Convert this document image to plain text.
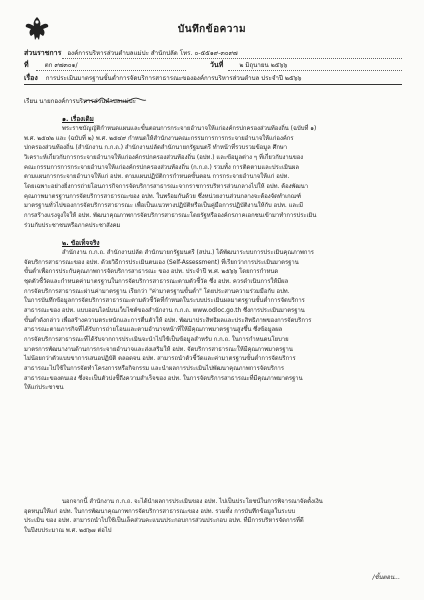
บันทึกข้อความ
ส่วนราชการ องค์การบริหารส่วนตำบลแม่ปะ สำนักปลัด โทร. ๐-๕๕๑๙-๓๐๙๗
ที่	ตก ๙๗๓๐๑/	วันที่	๒ มิถุนายน ๒๕๖๖
เรื่อง การประเมินมาตรฐานขั้นต่ำการจัดบริการสาธารณะขององค์การบริหารส่วนตำบล ประจำปี ๒๕๖๖
เรียน นายกองค์การบริหารส่วนตำบลแม่ปะ
๑. เรื่องเดิม
พระราชบัญญัติกำหนดแผนและขั้นตอนการกระจายอำนาจให้แก่องค์กรปกครองส่วนท้องถิ่น (ฉบับที่ ๑)
พ.ศ. ๒๕๔๒ และ (ฉบับที่ ๒) พ.ศ. ๒๕๔๙ กำหนดให้สำนักงานคณะกรรมการการกระจายอำนาจให้แก่องค์กร
ปกครองส่วนท้องถิ่น (สำนักงาน ก.ก.ถ.) สำนักงานปลัดสำนักนายกรัฐมนตรี ทำหน้าที่รวบรวมข้อมูล ศึกษา
วิเคราะห์เกี่ยวกับการกระจายอำนาจให้แก่องค์กรปกครองส่วนท้องถิ่น (อปท.) และข้อมูลต่าง ๆ ที่เกี่ยวกับงานของ
คณะกรรมการการกระจายอำนาจให้แก่องค์กรปกครองส่วนท้องถิ่น (ก.ก.ถ.) รวมทั้ง การติดตามและประเมินผล
ตามแผนการกระจายอำนาจให้แก่ อปท. ตามแผนปฏิบัติการกำหนดขั้นตอน การกระจายอำนาจให้แก่ อปท.
โดยเฉพาะอย่างยิ่งการถ่ายโอนภารกิจการจัดบริการสาธารณะจากราชการบริหารส่วนกลางไปให้ อปท. ต้องพัฒนา
คุณภาพมาตรฐานการจัดบริการสาธารณะของ อปท. ในพร้อมกันด้วย ซึ่งหน่วยงานส่วนกลางจะต้องจัดทำเกณฑ์
มาตรฐานทั่วไปของการจัดบริการสาธารณะ เพื่อเป็นแนวทางปฏิบัติหรือเป็นคู่มือการปฏิบัติงานให้กับ อปท. และมี
การสร้างแรงจูงใจให้ อปท. พัฒนาคุณภาพการจัดบริการสาธารณะโดยรัฐหรือองค์กรภาคเอกชนเข้ามาทำการประเมิน
ร่วมกับประชาชนหรือภาคประชาสังคม
๒. ข้อเท็จจริง
สำนักงาน ก.ก.ถ. สำนักงานปลัด สำนักนายกรัฐมนตรี (สปน.) ได้พัฒนาระบบการประเมินคุณภาพการ
จัดบริการสาธารณะของ อปท. ด้วยวิธีการประเมินตนเอง (Self-Assessment) ที่เรียกว่าการประเมินมาตรฐาน
ขั้นต่ำเพื่อการประกันคุณภาพการจัดบริการสาธารณะ ของ อปท. ประจำปี พ.ศ. ๒๕๖๖ โดยการกำหนด
ชุดตัวชี้วัดและกำหนดค่ามาตรฐานในการจัดบริการสาธารณะตามตัวชี้วัด ซึ่ง อปท. ควรดำเนินการให้มีผล
การจัดบริการสาธารณะผ่านค่ามาตรฐาน เรียกว่า "ค่ามาตรฐานขั้นต่ำ" โดยประสานความร่วมมือกับ อปท.
ในการบันทึกข้อมูลการจัดบริการสาธารณะตามตัวชี้วัดที่กำหนดในระบบประเมินผลมาตรฐานขั้นต่ำการจัดบริการ
สาธารณะของ อปท. แบบออนไลน์บนเว็บไซต์ของสำนักงาน ก.ก.ถ. www.odloc.go.th ซึ่งการประเมินมาตรฐาน
ขั้นต่ำดังกล่าว เพื่อสร้างความตระหนักและการตื่นตัวให้ อปท. พัฒนาประสิทธิผลและประสิทธิภาพของการจัดบริการ
สาธารณะตามภารกิจที่ได้รับการถ่ายโอนและตามอำนาจหน้าที่ให้มีคุณภาพมาตรฐานสูงขึ้น ซึ่งข้อมูลผล
การจัดบริการสาธารณะที่ได้รับจากการประเมินจะนำไปใช้เป็นข้อมูลสำหรับ ก.ก.ถ. ในการกำหนดนโยบาย
มาตรการพัฒนางานด้านการกระจายอำนาจและส่งเสริมให้ อปท. จัดบริการสาธารณะให้มีคุณภาพมาตรฐาน
ไม่น้อยกว่าตัวแบบขาการเสนอปฏิบัติ ตลอดจน อปท. สามารถนำตัวชี้วัดและค่ามาตรฐานขั้นต่ำการจัดบริการ
สาธารณะไปใช้ในการจัดทำโครงการหรือกิจกรรม และนำผลการประเมินไปพัฒนาคุณภาพการจัดบริการ
สาธารณะของตนเอง ซึ่งจะเป็นตัวบ่งชี้ถึงความสำเร็จของ อปท. ในการจัดบริการสาธารณะที่มีคุณภาพมาตรฐาน
ให้แก่ประชาชน
นอกจากนี้ สำนักงาน ก.ก.ถ. จะได้นำผลการประเมินของ อปท. ไปเป็นประโยชน์ในการพิจารณาจัดตั้งเงิน
อุดหนุนให้แก่ อปท. ในการพัฒนาคุณภาพการจัดบริการสาธารณะของ อปท. รวมทั้ง การบันทึกข้อมูลในระบบ
ประเมิน ของ อปท. สามารถนำไปใช้เป็นเล็คส่วนคะแนนประกอบการส่วนประกอบ อปท. ที่มีการบริหารจัดการที่ดี
ในปีงบประมาณ พ.ศ. ๒๕๖๗ ต่อไป
/ขั้นตอน...
